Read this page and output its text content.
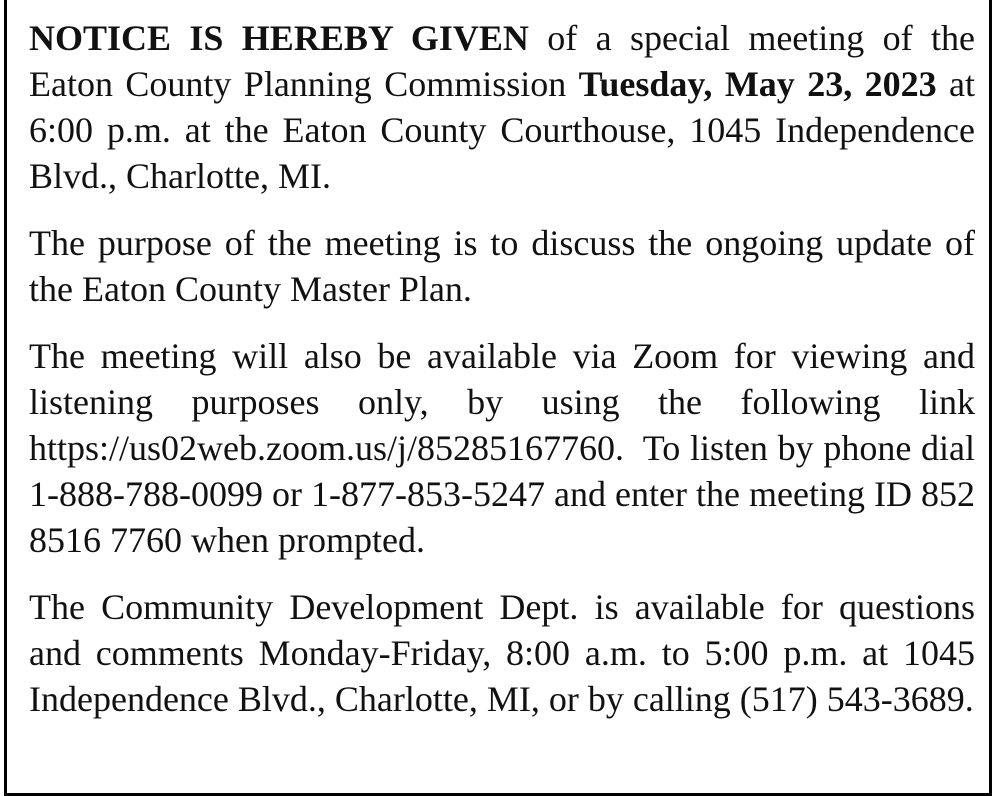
NOTICE IS HEREBY GIVEN of a special meeting of the Eaton County Planning Commission Tuesday, May 23, 2023 at 6:00 p.m. at the Eaton County Courthouse, 1045 Independence Blvd., Charlotte, MI.

The purpose of the meeting is to discuss the ongoing update of the Eaton County Master Plan.

The meeting will also be available via Zoom for viewing and listening purposes only, by using the following link https://us02web.zoom.us/j/85285167760.  To listen by phone dial 1-888-788-0099 or 1-877-853-5247 and enter the meeting ID 852 8516 7760 when prompted.

The Community Development Dept. is available for questions and comments Monday-Friday, 8:00 a.m. to 5:00 p.m. at 1045 Independence Blvd., Charlotte, MI, or by calling (517) 543-3689.
